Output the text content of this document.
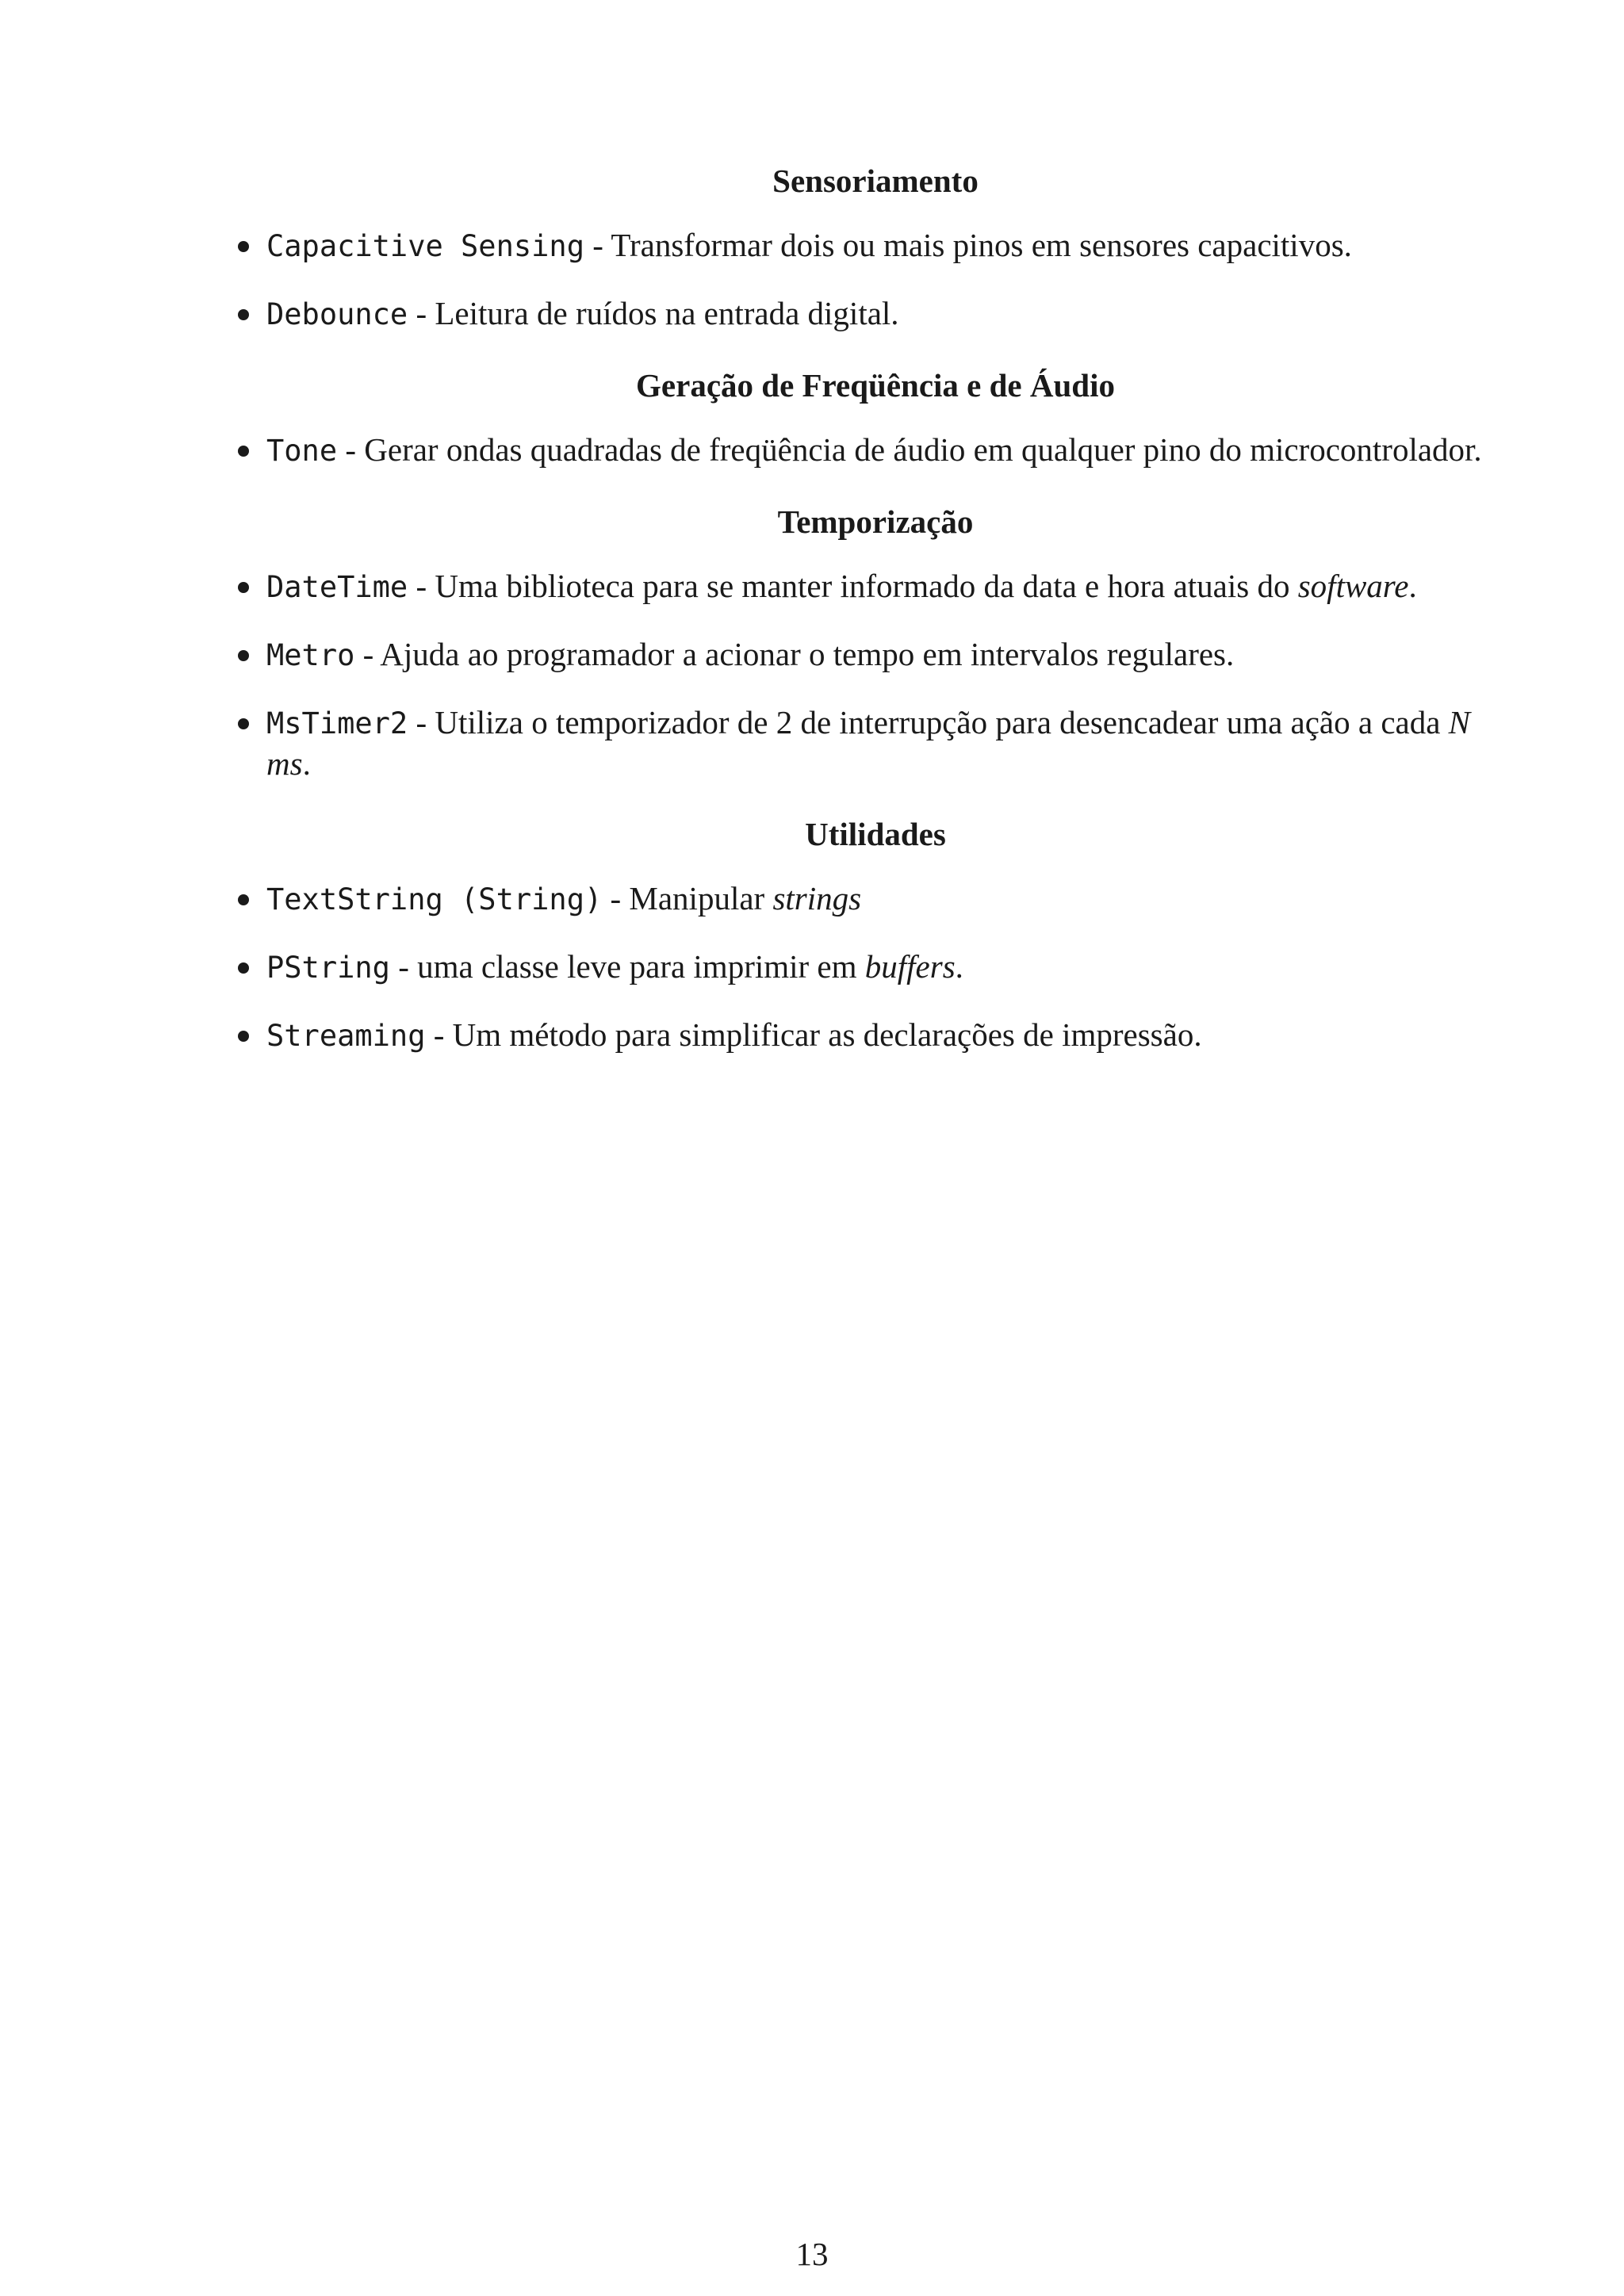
Sensoriamento
Capacitive Sensing - Transformar dois ou mais pinos em sensores capacitivos.
Debounce - Leitura de ruídos na entrada digital.
Geração de Freqüência e de Áudio
Tone - Gerar ondas quadradas de freqüência de áudio em qualquer pino do microcontrolador.
Temporização
DateTime - Uma biblioteca para se manter informado da data e hora atuais do software.
Metro - Ajuda ao programador a acionar o tempo em intervalos regulares.
MsTimer2 - Utiliza o temporizador de 2 de interrupção para desencadear uma ação a cada N ms.
Utilidades
TextString (String) - Manipular strings
PString - uma classe leve para imprimir em buffers.
Streaming - Um método para simplificar as declarações de impressão.
13
